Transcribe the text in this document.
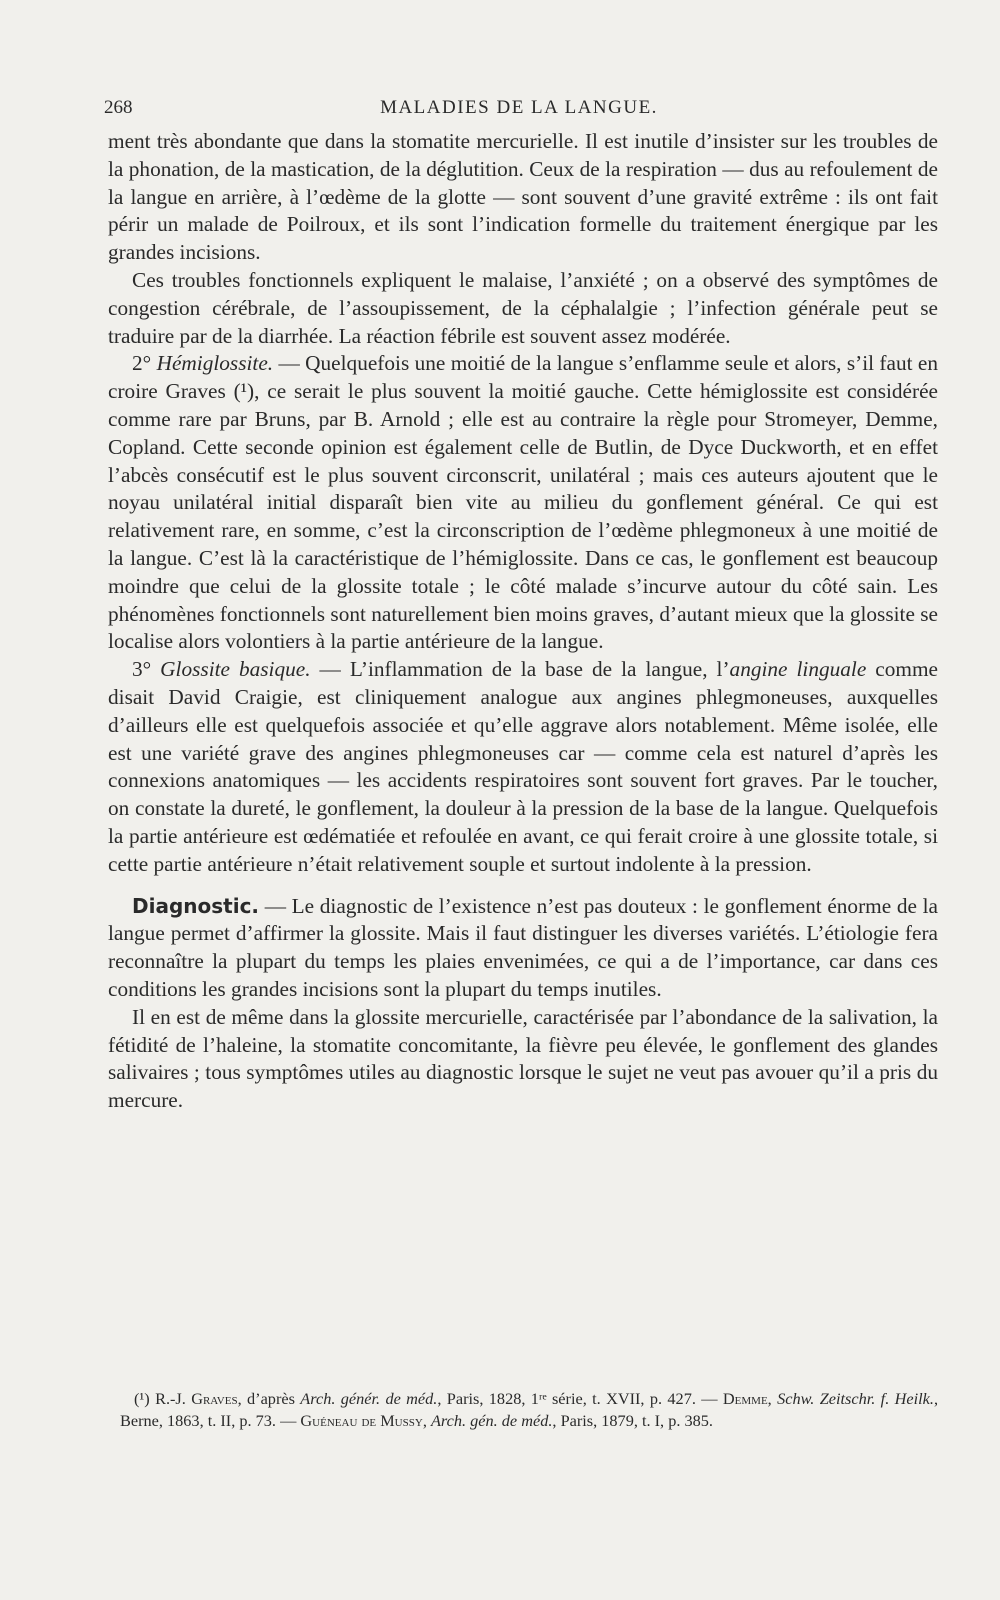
268	MALADIES DE LA LANGUE.

ment très abondante que dans la stomatite mercurielle. Il est inutile d’insister sur les troubles de la phonation, de la mastication, de la déglutition. Ceux de la respiration — dus au refoulement de la langue en arrière, à l’œdème de la glotte — sont souvent d’une gravité extrême : ils ont fait périr un malade de Poilroux, et ils sont l’indication formelle du traitement énergique par les grandes incisions.

Ces troubles fonctionnels expliquent le malaise, l’anxiété ; on a observé des symptômes de congestion cérébrale, de l’assoupissement, de la céphalalgie ; l’infection générale peut se traduire par de la diarrhée. La réaction fébrile est souvent assez modérée.

2° Hémiglossite. — Quelquefois une moitié de la langue s’enflamme seule et alors, s’il faut en croire Graves (¹), ce serait le plus souvent la moitié gauche. Cette hémiglossite est considérée comme rare par Bruns, par B. Arnold ; elle est au contraire la règle pour Stromeyer, Demme, Copland. Cette seconde opinion est également celle de Butlin, de Dyce Duckworth, et en effet l’abcès consécutif est le plus souvent circonscrit, unilatéral ; mais ces auteurs ajoutent que le noyau unilatéral initial disparaît bien vite au milieu du gonflement général. Ce qui est relativement rare, en somme, c’est la circonscription de l’œdème phlegmoneux à une moitié de la langue. C’est là la caractéristique de l’hémiglossite. Dans ce cas, le gonflement est beaucoup moindre que celui de la glossite totale ; le côté malade s’incurve autour du côté sain. Les phénomènes fonctionnels sont naturellement bien moins graves, d’autant mieux que la glossite se localise alors volontiers à la partie antérieure de la langue.

3° Glossite basique. — L’inflammation de la base de la langue, l’angine linguale comme disait David Craigie, est cliniquement analogue aux angines phlegmoneuses, auxquelles d’ailleurs elle est quelquefois associée et qu’elle aggrave alors notablement. Même isolée, elle est une variété grave des angines phlegmoneuses car — comme cela est naturel d’après les connexions anatomiques — les accidents respiratoires sont souvent fort graves. Par le toucher, on constate la dureté, le gonflement, la douleur à la pression de la base de la langue. Quelquefois la partie antérieure est œdématiée et refoulée en avant, ce qui ferait croire à une glossite totale, si cette partie antérieure n’était relativement souple et surtout indolente à la pression.

Diagnostic. — Le diagnostic de l’existence n’est pas douteux : le gonflement énorme de la langue permet d’affirmer la glossite. Mais il faut distinguer les diverses variétés. L’étiologie fera reconnaître la plupart du temps les plaies envenimées, ce qui a de l’importance, car dans ces conditions les grandes incisions sont la plupart du temps inutiles.

Il en est de même dans la glossite mercurielle, caractérisée par l’abondance de la salivation, la fétidité de l’haleine, la stomatite concomitante, la fièvre peu élevée, le gonflement des glandes salivaires ; tous symptômes utiles au diagnostic lorsque le sujet ne veut pas avouer qu’il a pris du mercure.

(¹) R.-J. Graves, d’après Arch. génér. de méd., Paris, 1828, 1ʳᵉ série, t. XVII, p. 427. — Demme, Schw. Zeitschr. f. Heilk., Berne, 1863, t. II, p. 73. — Guéneau de Mussy, Arch. gén. de méd., Paris, 1879, t. I, p. 385.
